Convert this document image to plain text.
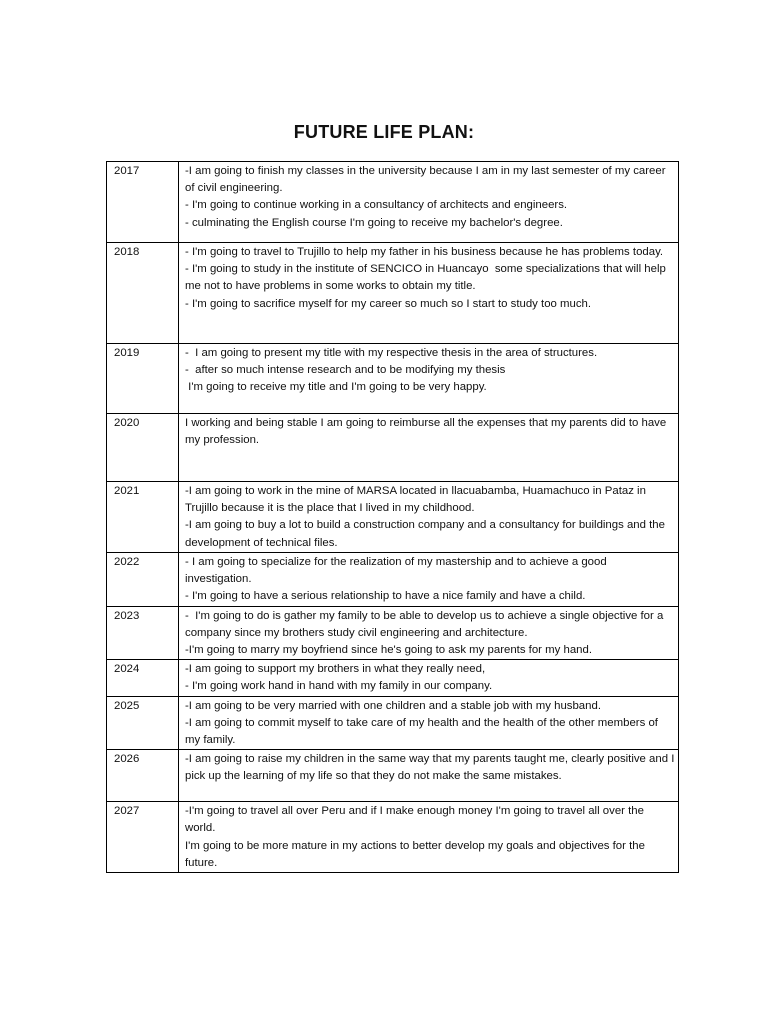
FUTURE LIFE PLAN:
2017	-I am going to finish my classes in the university because I am in my last semester of my career of civil engineering.
- I'm going to continue working in a consultancy of architects and engineers.
- culminating the English course I'm going to receive my bachelor's degree.

2018	- I'm going to travel to Trujillo to help my father in his business because he has problems today.
- I'm going to study in the institute of SENCICO in Huancayo  some specializations that will help me not to have problems in some works to obtain my title.
- I'm going to sacrifice myself for my career so much so I start to study too much.

2019	-  I am going to present my title with my respective thesis in the area of structures.
-  after so much intense research and to be modifying my thesis
I'm going to receive my title and I'm going to be very happy.

2020	I working and being stable I am going to reimburse all the expenses that my parents did to have my profession.

2021	-I am going to work in the mine of MARSA located in llacuabamba, Huamachuco in Pataz in Trujillo because it is the place that I lived in my childhood.
-I am going to buy a lot to build a construction company and a consultancy for buildings and the development of technical files.

2022	- I am going to specialize for the realization of my mastership and to achieve a good investigation.
- I'm going to have a serious relationship to have a nice family and have a child.

2023	-  I'm going to do is gather my family to be able to develop us to achieve a single objective for a company since my brothers study civil engineering and architecture.
-I'm going to marry my boyfriend since he's going to ask my parents for my hand.

2024	-I am going to support my brothers in what they really need,
- I'm going work hand in hand with my family in our company.

2025	-I am going to be very married with one children and a stable job with my husband.
-I am going to commit myself to take care of my health and the health of the other members of my family.

2026	-I am going to raise my children in the same way that my parents taught me, clearly positive and I pick up the learning of my life so that they do not make the same mistakes.

2027	-I'm going to travel all over Peru and if I make enough money I'm going to travel all over the world.
I'm going to be more mature in my actions to better develop my goals and objectives for the future.
